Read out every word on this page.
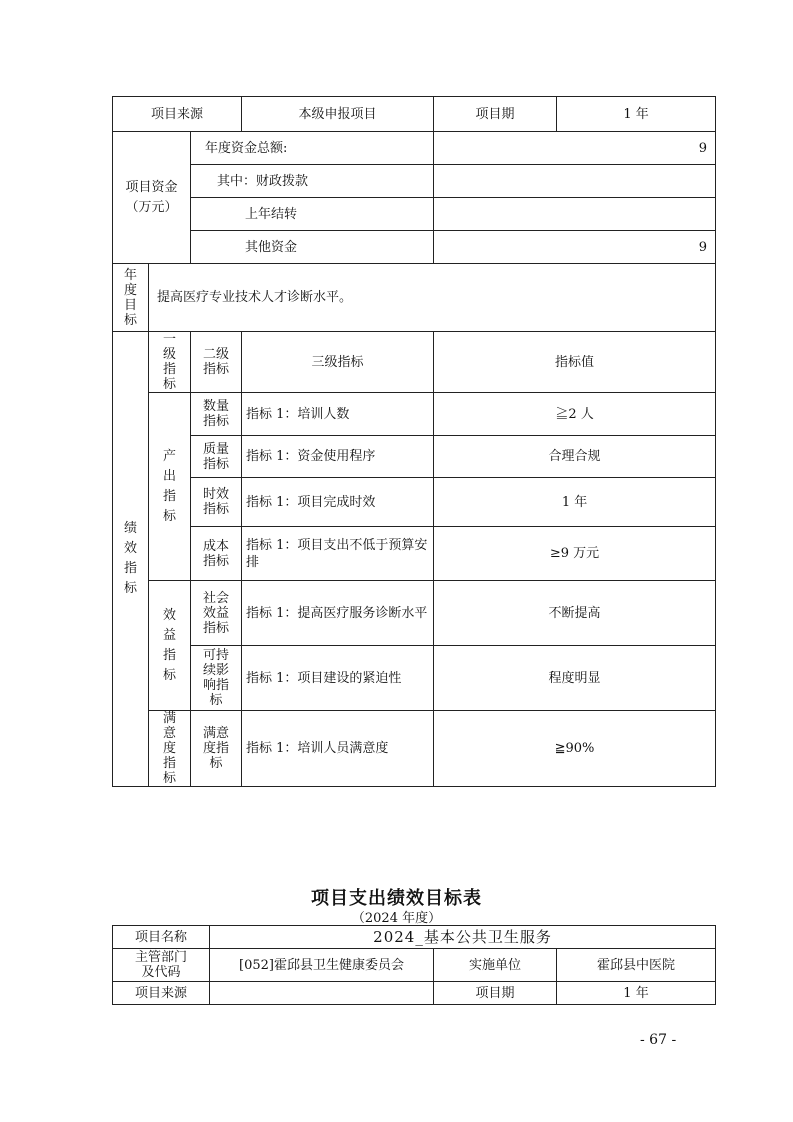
项目来源			本级申报项目	项目期	1 年
项目资金（万元）		年度资金总额:		9	
		其中：财政拨款			
		上年结转			
		其他资金		9	
年度目标	提高医疗专业技术人才诊断水平。				
绩效指标	一级指标	二级指标	三级指标	指标值	
	产出指标	数量指标	指标 1：培训人数	≧2 人	
		质量指标	指标 1：资金使用程序	合理合规	
		时效指标	指标 1：项目完成时效	1 年	
		成本指标	指标 1：项目支出不低于预算安排	≥9 万元	
	效益指标	社会效益指标	指标 1：提高医疗服务诊断水平	不断提高	
		可持续影响指标	指标 1：项目建设的紧迫性	程度明显	
	满意度指标	满意度指标	指标 1：培训人员满意度	≧90%	
项目支出绩效目标表
（2024 年度）
项目名称	2024_基本公共卫生服务		
主管部门及代码	[052]霍邱县卫生健康委员会	实施单位	霍邱县中医院
项目来源		项目期	1 年
- 67 -
